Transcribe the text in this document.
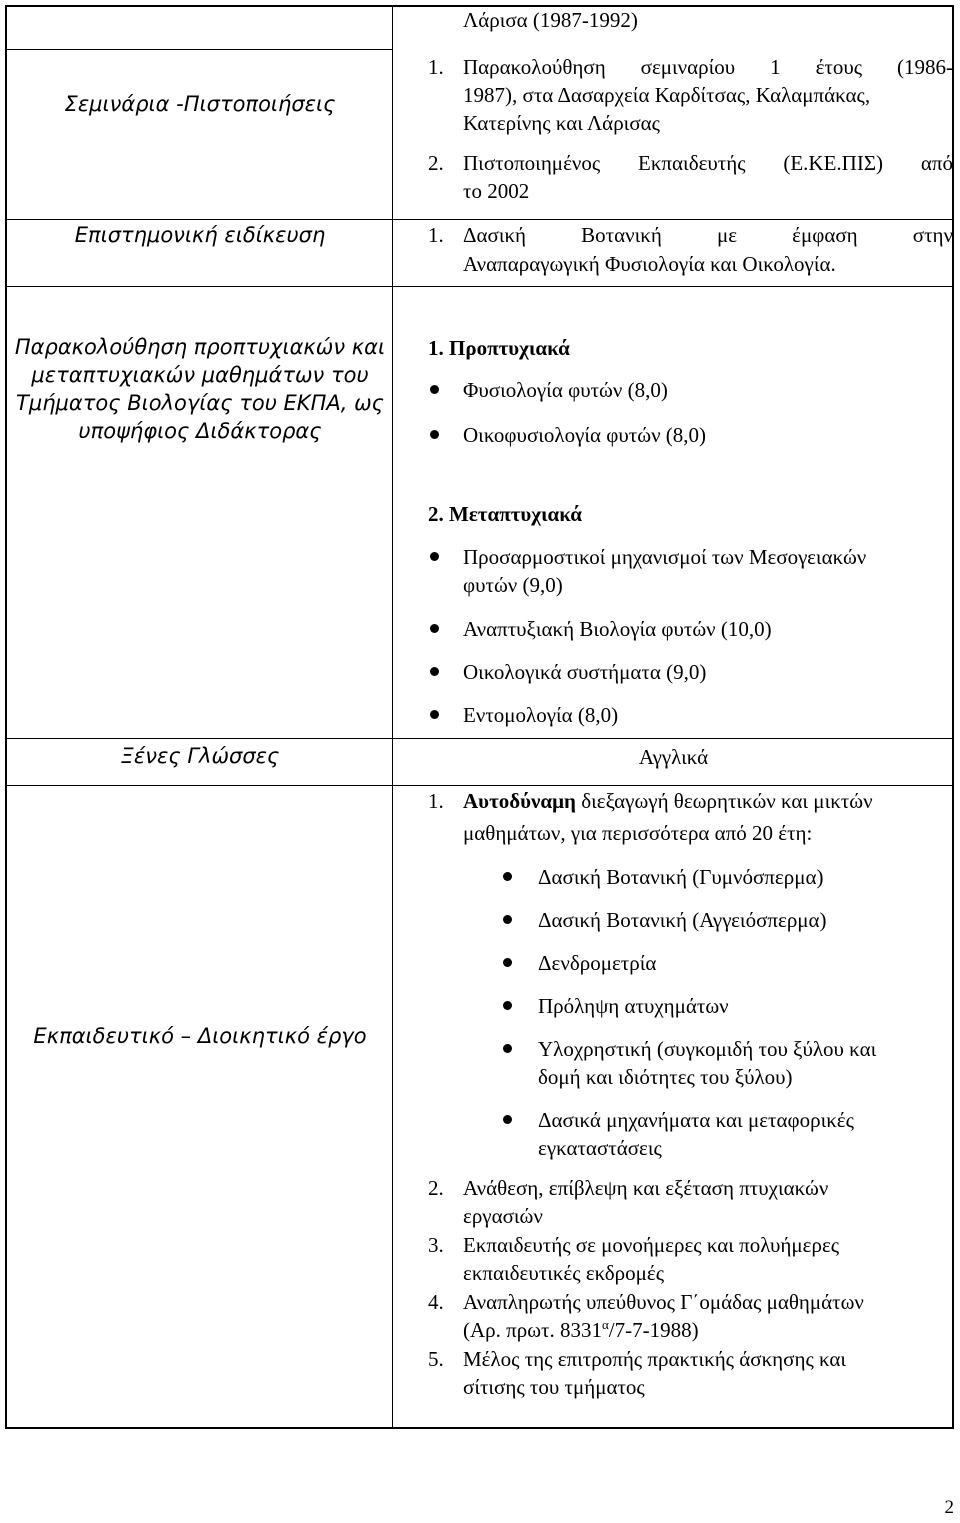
Σεμινάρια -Πιστοποιήσεις
Λάρισα (1987-1992)
1. Παρακολούθηση σεμιναρίου 1 έτους (1986-
1987), στα Δασαρχεία Καρδίτσας, Καλαμπάκας,
Κατερίνης και Λάρισας
2. Πιστοποιημένος Εκπαιδευτής (Ε.ΚΕ.ΠΙΣ) από
το 2002
Επιστημονική ειδίκευση	1. Δασική Βοτανική με έμφαση στην
Αναπαραγωγική Φυσιολογία και Οικολογία.
Παρακολούθηση προπτυχιακών και
μεταπτυχιακών μαθημάτων του
Τμήματος Βιολογίας του ΕΚΠΑ, ως
υποψήφιος Διδάκτορας
1. Προπτυχιακά
Φυσιολογία φυτών (8,0)
Οικοφυσιολογία φυτών (8,0)
2. Μεταπτυχιακά
Προσαρμοστικοί μηχανισμοί των Μεσογειακών
φυτών (9,0)
Αναπτυξιακή Βιολογία φυτών (10,0)
Οικολογικά συστήματα (9,0)
Εντομολογία (8,0)
Ξένες Γλώσσες	Αγγλικά
Εκπαιδευτικό – Διοικητικό έργο
1. Αυτοδύναμη διεξαγωγή θεωρητικών και μικτών
μαθημάτων, για περισσότερα από 20 έτη:
Δασική Βοτανική (Γυμνόσπερμα)
Δασική Βοτανική (Αγγειόσπερμα)
Δενδρομετρία
Πρόληψη ατυχημάτων
Υλοχρηστική (συγκομιδή του ξύλου και
δομή και ιδιότητες του ξύλου)
Δασικά μηχανήματα και μεταφορικές
εγκαταστάσεις
2. Ανάθεση, επίβλεψη και εξέταση πτυχιακών
εργασιών
3. Εκπαιδευτής σε μονοήμερες και πολυήμερες
εκπαιδευτικές εκδρομές
4. Αναπληρωτής υπεύθυνος Γ΄ομάδας μαθημάτων
(Αρ. πρωτ. $8331^\alpha/7-7-1988$)
5. Μέλος της επιτροπής πρακτικής άσκησης και
σίτισης του τμήματος
2
